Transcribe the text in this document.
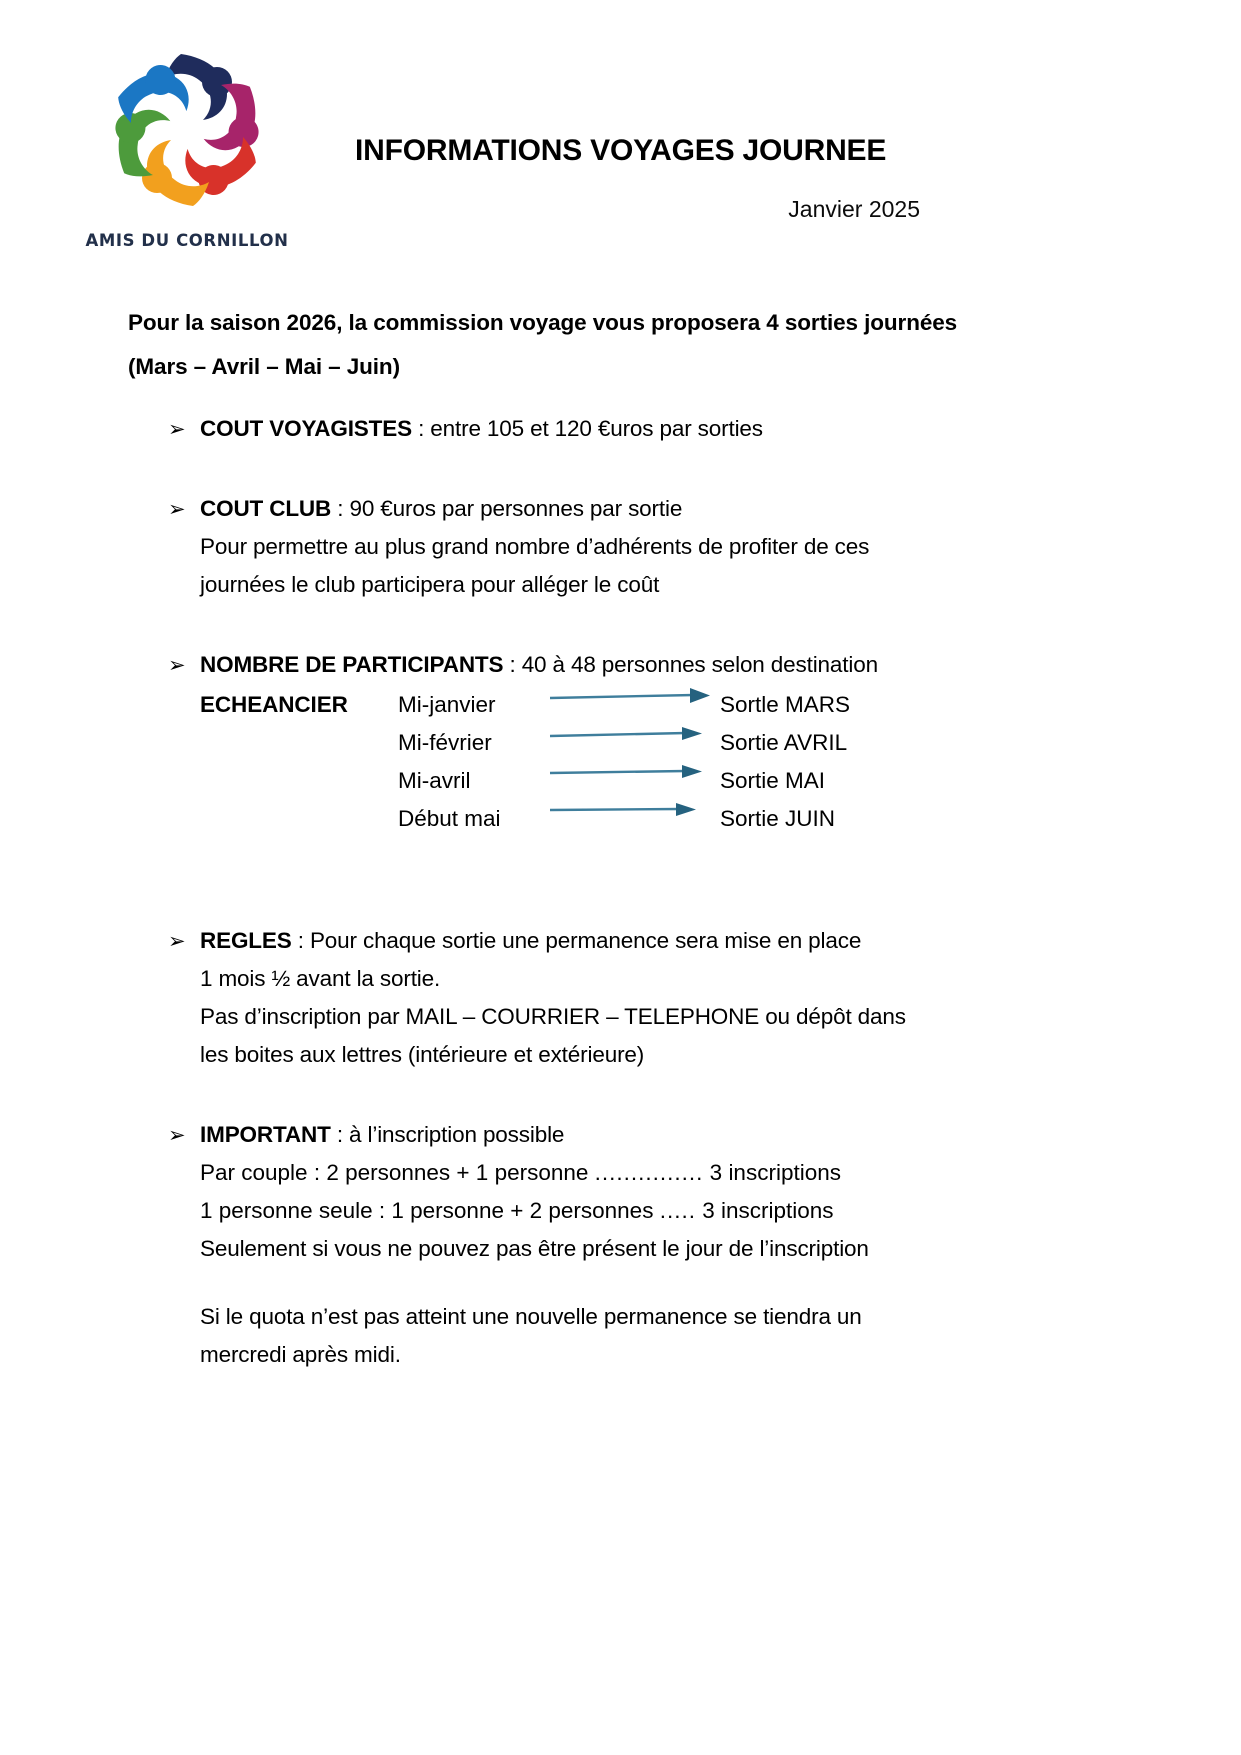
AMIS DU CORNILLON
INFORMATIONS VOYAGES JOURNEE
Janvier 2025
Pour la saison 2026, la commission voyage vous proposera 4 sorties journées (Mars – Avril – Mai – Juin)
➢ COUT VOYAGISTES : entre 105 et 120 €uros par sorties
➢ COUT CLUB : 90 €uros par personnes par sortie
Pour permettre au plus grand nombre d’adhérents de profiter de ces
journées le club participera pour alléger le coût
➢ NOMBRE DE PARTICIPANTS : 40 à 48 personnes selon destination
ECHEANCIER Mi-janvier	Sortle MARS
Mi-février	Sortie AVRIL
Mi-avril	Sortie MAI
Début mai	Sortie JUIN
➢ REGLES : Pour chaque sortie une permanence sera mise en place
1 mois ½ avant la sortie.
Pas d’inscription par MAIL – COURRIER – TELEPHONE ou dépôt dans
les boites aux lettres (intérieure et extérieure)
➢ IMPORTANT : à l’inscription possible
Par couple : 2 personnes + 1 personne ............... 3 inscriptions
1 personne seule : 1 personne + 2 personnes ..... 3 inscriptions
Seulement si vous ne pouvez pas être présent le jour de l’inscription
Si le quota n’est pas atteint une nouvelle permanence se tiendra un
mercredi après midi.
